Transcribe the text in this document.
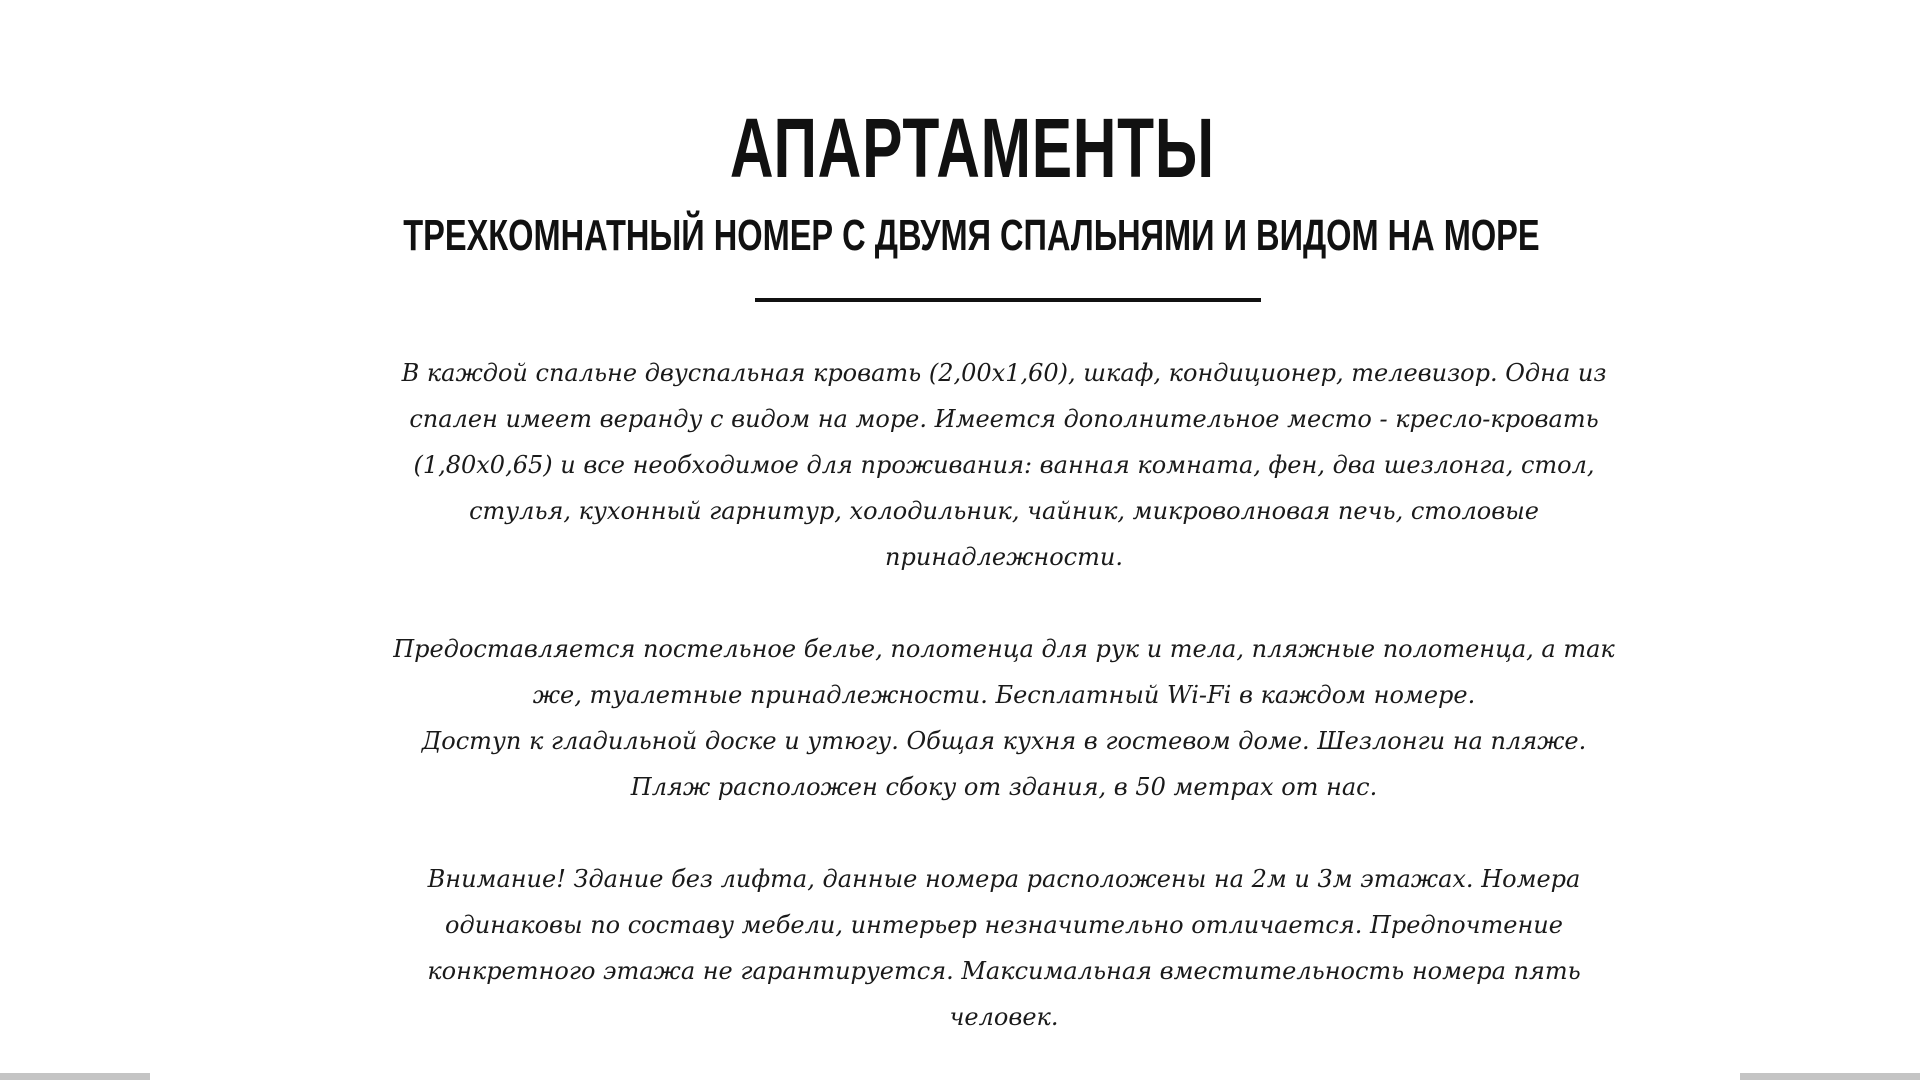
АПАРТАМЕНТЫ
ТРЕХКОМНАТНЫЙ НОМЕР С ДВУМЯ СПАЛЬНЯМИ И ВИДОМ НА МОРЕ

В каждой спальне двуспальная кровать (2,00х1,60), шкаф, кондиционер, телевизор. Одна из спален имеет веранду с видом на море. Имеется дополнительное место - кресло-кровать (1,80х0,65) и все необходимое для проживания: ванная комната, фен, два шезлонга, стол, стулья, кухонный гарнитур, холодильник, чайник, микроволновая печь, столовые принадлежности.

Предоставляется постельное белье, полотенца для рук и тела, пляжные полотенца, а так же, туалетные принадлежности. Бесплатный Wi-Fi в каждом номере.

Доступ к гладильной доске и утюгу. Общая кухня в гостевом доме. Шезлонги на пляже.

Пляж расположен сбоку от здания, в 50 метрах от нас.

Внимание! Здание без лифта, данные номера расположены на 2м и 3м этажах. Номера одинаковы по составу мебели, интерьер незначительно отличается. Предпочтение конкретного этажа не гарантируется. Максимальная вместительность номера пять человек.
